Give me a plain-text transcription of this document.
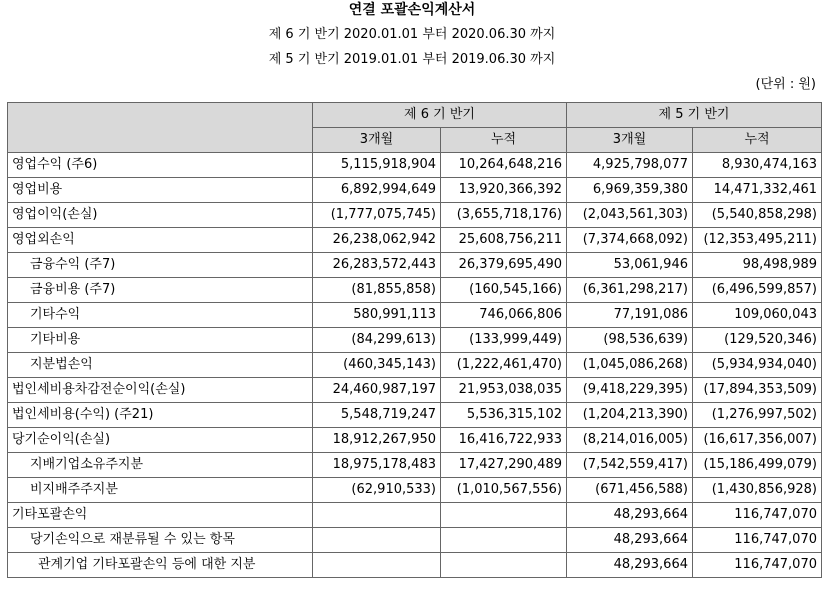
연결 포괄손익계산서
제 6 기 반기 2020.01.01 부터 2020.06.30 까지
제 5 기 반기 2019.01.01 부터 2019.06.30 까지
(단위 : 원)
	제 6 기 반기		제 5 기 반기	
	3개월	누적	3개월	누적
영업수익 (주6)	5,115,918,904	10,264,648,216	4,925,798,077	8,930,474,163
영업비용	6,892,994,649	13,920,366,392	6,969,359,380	14,471,332,461
영업이익(손실)	(1,777,075,745)	(3,655,718,176)	(2,043,561,303)	(5,540,858,298)
영업외손익	26,238,062,942	25,608,756,211	(7,374,668,092)	(12,353,495,211)
금융수익 (주7)	26,283,572,443	26,379,695,490	53,061,946	98,498,989
금융비용 (주7)	(81,855,858)	(160,545,166)	(6,361,298,217)	(6,496,599,857)
기타수익	580,991,113	746,066,806	77,191,086	109,060,043
기타비용	(84,299,613)	(133,999,449)	(98,536,639)	(129,520,346)
지분법손익	(460,345,143)	(1,222,461,470)	(1,045,086,268)	(5,934,934,040)
법인세비용차감전순이익(손실)	24,460,987,197	21,953,038,035	(9,418,229,395)	(17,894,353,509)
법인세비용(수익) (주21)	5,548,719,247	5,536,315,102	(1,204,213,390)	(1,276,997,502)
당기순이익(손실)	18,912,267,950	16,416,722,933	(8,214,016,005)	(16,617,356,007)
지배기업소유주지분	18,975,178,483	17,427,290,489	(7,542,559,417)	(15,186,499,079)
비지배주주지분	(62,910,533)	(1,010,567,556)	(671,456,588)	(1,430,856,928)
기타포괄손익			48,293,664	116,747,070
당기손익으로 재분류될 수 있는 항목			48,293,664	116,747,070
관계기업 기타포괄손익 등에 대한 지분			48,293,664	116,747,070
